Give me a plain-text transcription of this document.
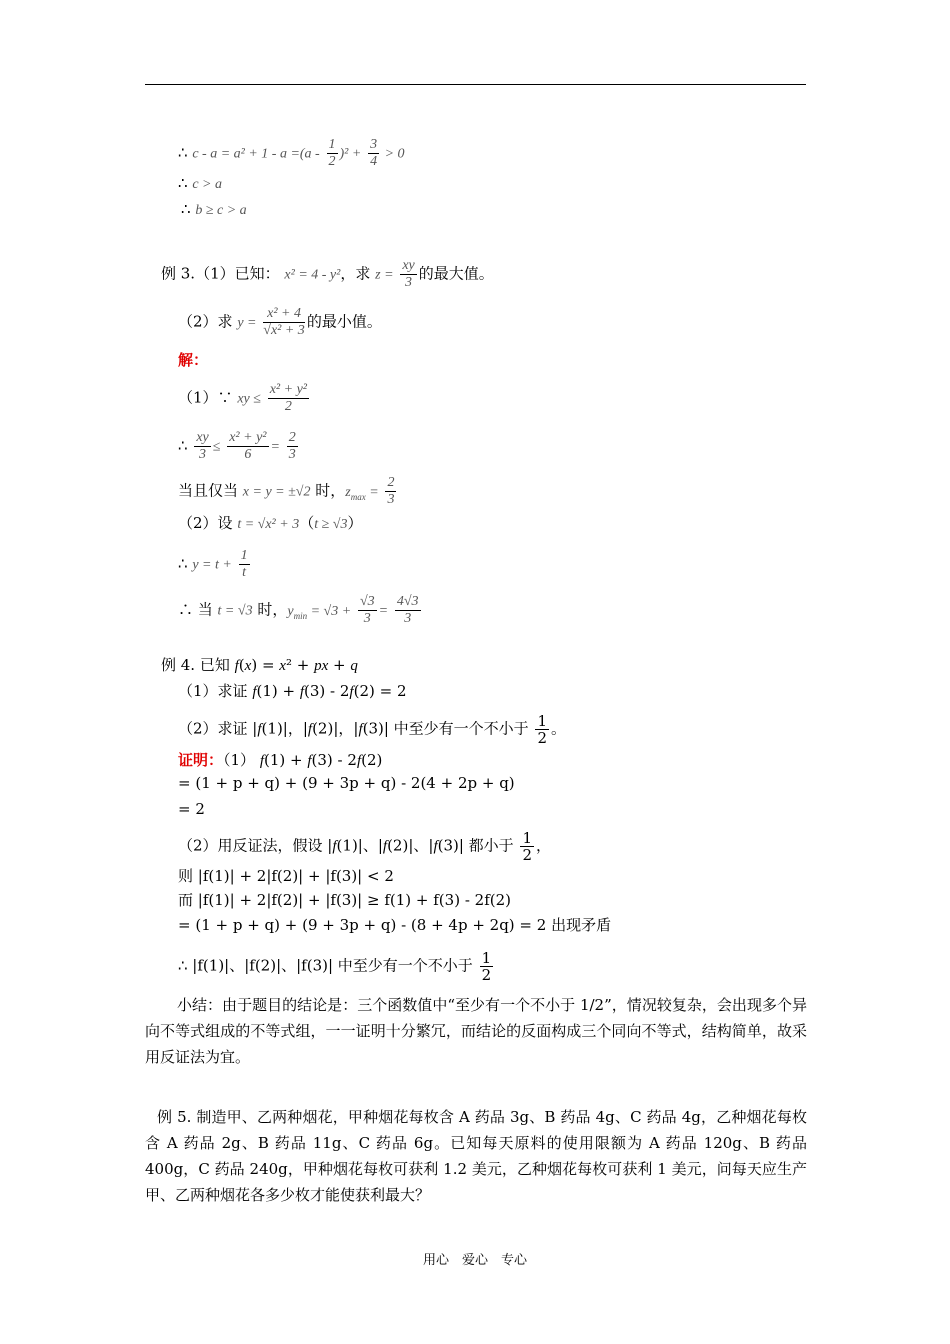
∴ $c - a = a^2 + 1 - a =(a - \frac{1}{2} )^2 + \frac{3}{4} > 0$
∴ c > a
∴ b ≥ c > a
例 3.（1）已知： x² = 4 - y²，求 $z = \frac{xy}{3}$ 的最大值。
（2）求 $y = \frac{\text{x² + 4}}{\text{√x² + 3}}$ 的最小值。
解：
（1）∵ xy ≤ $\frac{\text{x² + y²}}{2}$
∴ $\frac{xy}{3} \le \frac{\text{x² + y²}}{6} = \frac{2}{3}$
当且仅当 x = y = ±√2 时，$z_{max} = \frac{2}{3}$
（2）设 t = √x² + 3（t ≥ √3）
∴ $y = t + \frac{1}{t}$
∴ 当 t = √3 时，$y_{min} = √3 + \frac{√3}{3} = \frac{4√3}{3}$
例 4. 已知 f(x) = x² + px + q
（1）求证 f(1) + f(3) - 2f(2) = 2
（2）求证 |f(1)|，|f(2)|，|f(3)| 中至少有一个不小于 $\frac{1}{2}$ 。
证明：（1） f(1) + f(3) - 2f(2)
= (1 + p + q) + (9 + 3p + q) - 2(4 + 2p + q)
= 2
（2）用反证法，假设 |f(1)|、|f(2)|、|f(3)| 都小于 $\frac{1}{2}$ ，
则 |f(1)| + 2|f(2)| + |f(3)| < 2
而 |f(1)| + 2|f(2)| + |f(3)| ≥ f(1) + f(3) - 2f(2)
= (1 + p + q) + (9 + 3p + q) - (8 + 4p + 2q) = 2 出现矛盾
∴ |f(1)|、|f(2)|、|f(3)| 中至少有一个不小于 $\frac{1}{2}$
小结：由于题目的结论是：三个函数值中“至少有一个不小于 1/2”，情况较复杂，会出现多个异向不等式组成的不等式组，一一证明十分繁冗，而结论的反面构成三个同向不等式，结构简单，故采用反证法为宜。
例 5. 制造甲、乙两种烟花，甲种烟花每枚含 A 药品 3g、B 药品 4g、C 药品 4g，乙种烟花每枚含 A 药品 2g、B 药品 11g、C 药品 6g。已知每天原料的使用限额为 A 药品 120g、B 药品 400g，C 药品 240g，甲种烟花每枚可获利 1.2 美元，乙种烟花每枚可获利 1 美元，问每天应生产甲、乙两种烟花各多少枚才能使获利最大？
用心　爱心　专心
